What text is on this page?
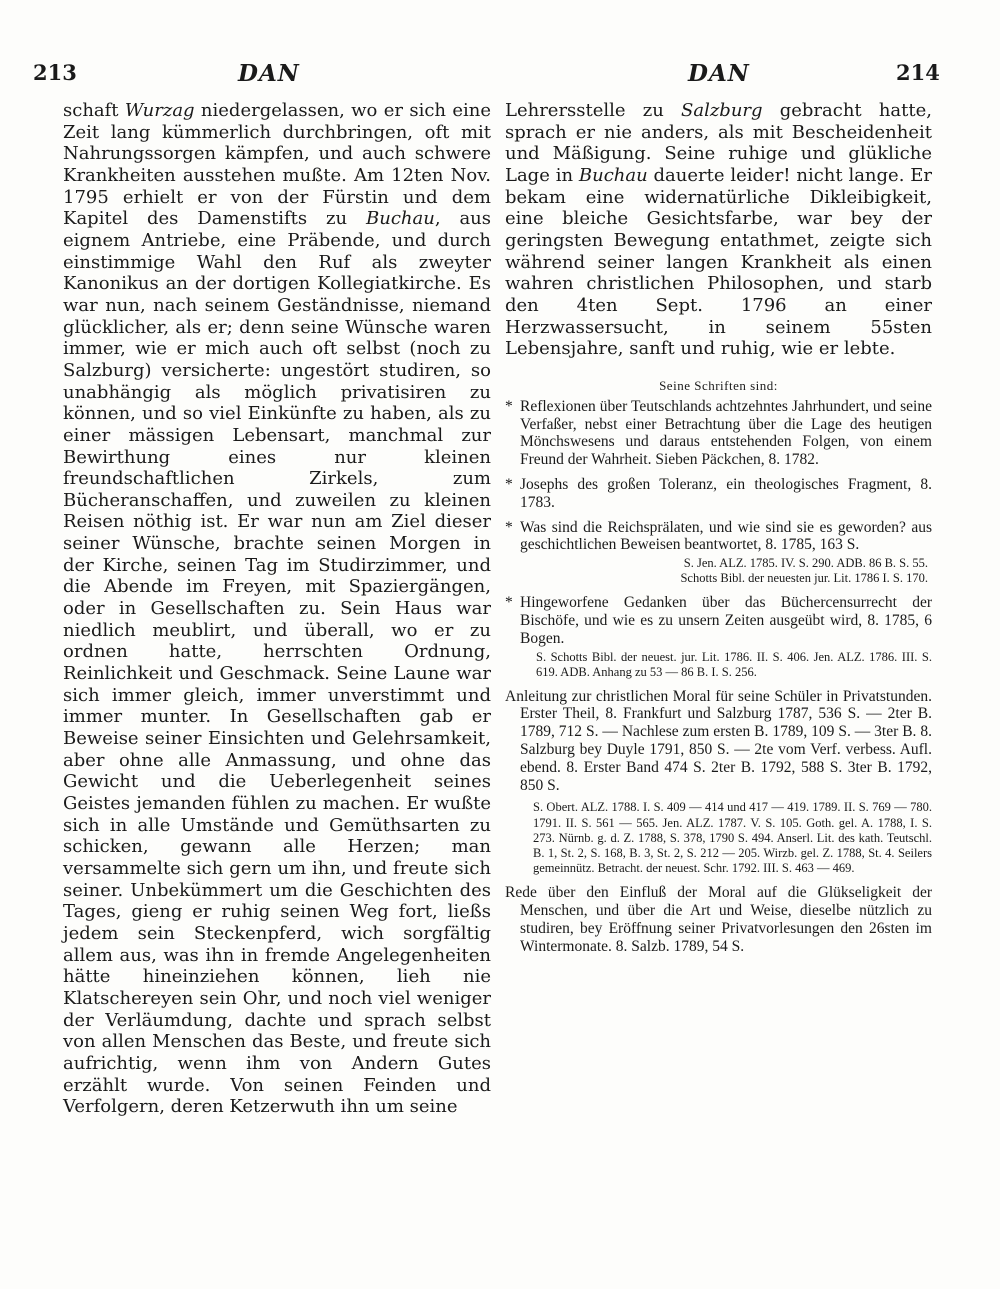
213	DAN	DAN	214

schaft Wurzag niedergelassen, wo er sich eine Zeit lang kümmerlich durchbringen, oft mit Nahrungssorgen kämpfen, und auch schwere Krankheiten ausstehen mußte. Am 12ten Nov. 1795 erhielt er von der Fürstin und dem Kapitel des Damenstifts zu Buchau, aus eignem Antriebe, eine Präbende, und durch einstimmige Wahl den Ruf als zweyter Kanonikus an der dortigen Kollegiatkirche. Es war nun, nach seinem Geständnisse, niemand glücklicher, als er; denn seine Wünsche waren immer, wie er mich auch oft selbst (noch zu Salzburg) versicherte: ungestört studiren, so unabhängig als möglich privatisiren zu können, und so viel Einkünfte zu haben, als zu einer mässigen Lebensart, manchmal zur Bewirthung eines nur kleinen freundschaftlichen Zirkels, zum Bücheranschaffen, und zuweilen zu kleinen Reisen nöthig ist. Er war nun am Ziel dieser seiner Wünsche, brachte seinen Morgen in der Kirche, seinen Tag im Studirzimmer, und die Abende im Freyen, mit Spaziergängen, oder in Gesellschaften zu. Sein Haus war niedlich meublirt, und überall, wo er zu ordnen hatte, herrschten Ordnung, Reinlichkeit und Geschmack. Seine Laune war sich immer gleich, immer unverstimmt und immer munter. In Gesellschaften gab er Beweise seiner Einsichten und Gelehrsamkeit, aber ohne alle Anmassung, und ohne das Gewicht und die Ueberlegenheit seines Geistes jemanden fühlen zu machen. Er wußte sich in alle Umstände und Gemüthsarten zu schicken, gewann alle Herzen; man versammelte sich gern um ihn, und freute sich seiner. Unbekümmert um die Geschichten des Tages, gieng er ruhig seinen Weg fort, ließs jedem sein Steckenpferd, wich sorgfältig allem aus, was ihn in fremde Angelegenheiten hätte hineinziehen können, lieh nie Klatschereyen sein Ohr, und noch viel weniger der Verläumdung, dachte und sprach selbst von allen Menschen das Beste, und freute sich aufrichtig, wenn ihm von Andern Gutes erzählt wurde. Von seinen Feinden und Verfolgern, deren Ketzerwuth ihn um seine

Lehrersstelle zu Salzburg gebracht hatte, sprach er nie anders, als mit Bescheidenheit und Mäßigung. Seine ruhige und glükliche Lage in Buchau dauerte leider! nicht lange. Er bekam eine widernatürliche Dikleibigkeit, eine bleiche Gesichtsfarbe, war bey der geringsten Bewegung entathmet, zeigte sich während seiner langen Krankheit als einen wahren christlichen Philosophen, und starb den 4ten Sept. 1796 an einer Herzwassersucht, in seinem 55sten Lebensjahre, sanft und ruhig, wie er lebte.

Seine Schriften sind:
* Reflexionen über Teutschlands achtzehntes Jahrhundert, und seine Verfaßer, nebst einer Betrachtung über die Lage des heutigen Mönchswesens und daraus entstehenden Folgen, von einem Freund der Wahrheit. Sieben Päckchen, 8. 1782.
* Josephs des großen Toleranz, ein theologisches Fragment, 8. 1783.
* Was sind die Reichsprälaten, und wie sind sie es geworden? aus geschichtlichen Beweisen beantwortet, 8. 1785, 163 S.

S. Jen. ALZ. 1785. IV. S. 290. ADB. 86 B. S. 55.

Schotts Bibl. der neuesten jur. Lit. 1786 I. S. 170.

* Hingeworfene Gedanken über das Büchercensurrecht der Bischöfe, und wie es zu unsern Zeiten ausgeübt wird, 8. 1785, 6 Bogen.

S. Schotts Bibl. der neuest. jur. Lit. 1786. II. S. 406. Jen. ALZ. 1786. III. S. 619. ADB. Anhang zu 53 — 86 B. I. S. 256.

Anleitung zur christlichen Moral für seine Schüler in Privatstunden. Erster Theil, 8. Frankfurt und Salzburg 1787, 536 S. — 2ter B. 1789, 712 S. — Nachlese zum ersten B. 1789, 109 S. — 3ter B. 8. Salzburg bey Duyle 1791, 850 S. — 2te vom Verf. verbess. Aufl. ebend. 8. Erster Band 474 S. 2ter B. 1792, 588 S. 3ter B. 1792, 850 S.

S. Obert. ALZ. 1788. I. S. 409 — 414 und 417 — 419. 1789. II. S. 769 — 780. 1791. II. S. 561 — 565. Jen. ALZ. 1787. V. S. 105. Goth. gel. A. 1788, I. S. 273. Nürnb. g. d. Z. 1788, S. 378, 1790 S. 494. Anserl. Lit. des kath. Teutschl. B. 1, St. 2, S. 168, B. 3, St. 2, S. 212 — 205. Wirzb. gel. Z. 1788, St. 4. Seilers gemeinnütz. Betracht. der neuest. Schr. 1792. III. S. 463 — 469.

Rede über den Einfluß der Moral auf die Glükseligkeit der Menschen, und über die Art und Weise, dieselbe nützlich zu studiren, bey Eröffnung seiner Privatvorlesungen den 26sten im Wintermonate. 8. Salzb. 1789, 54 S.
